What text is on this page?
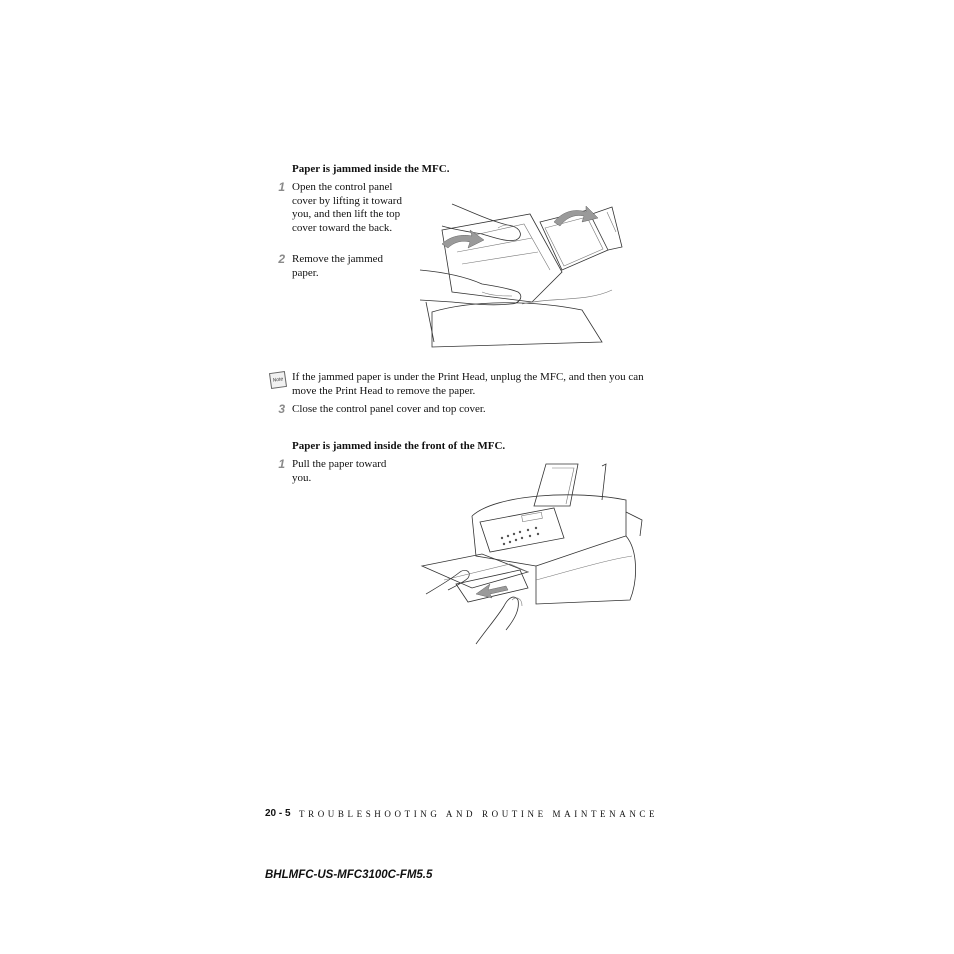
Paper is jammed inside the MFC.
1 Open the control panel cover by lifting it toward you, and then lift the top cover toward the back.
2 Remove the jammed paper.
Note If the jammed paper is under the Print Head, unplug the MFC, and then you can move the Print Head to remove the paper.
3 Close the control panel cover and top cover.
Paper is jammed inside the front of the MFC.
1 Pull the paper toward you.
20 - 5 TROUBLESHOOTING AND ROUTINE MAINTENANCE
BHLMFC-US-MFC3100C-FM5.5
